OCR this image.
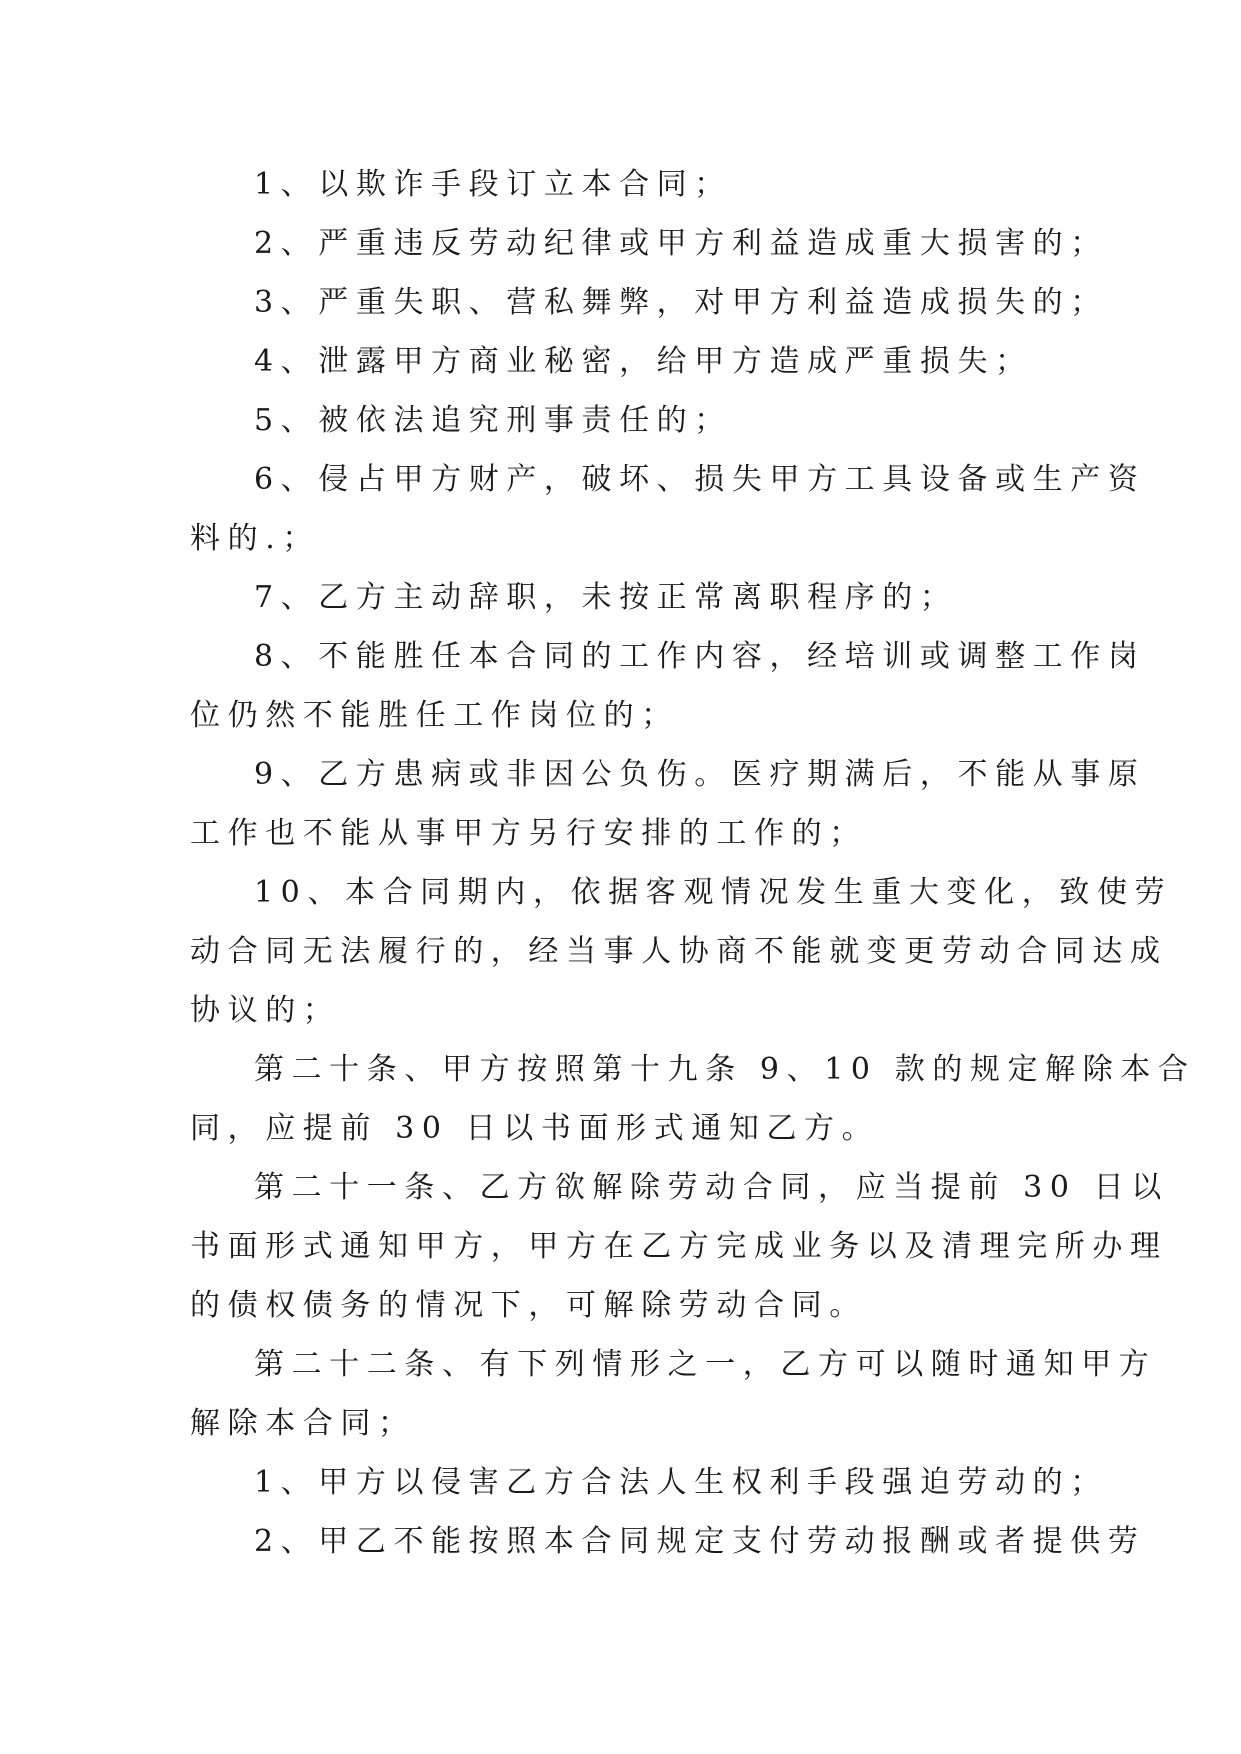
1、以欺诈手段订立本合同；
2、严重违反劳动纪律或甲方利益造成重大损害的；
3、严重失职、营私舞弊，对甲方利益造成损失的；
4、泄露甲方商业秘密，给甲方造成严重损失；
5、被依法追究刑事责任的；
6、侵占甲方财产，破坏、损失甲方工具设备或生产资
料的.；
7、乙方主动辞职，未按正常离职程序的；
8、不能胜任本合同的工作内容，经培训或调整工作岗
位仍然不能胜任工作岗位的；
9、乙方患病或非因公负伤。医疗期满后，不能从事原
工作也不能从事甲方另行安排的工作的；
10、本合同期内，依据客观情况发生重大变化，致使劳
动合同无法履行的，经当事人协商不能就变更劳动合同达成
协议的；
第二十条、甲方按照第十九条 9、10 款的规定解除本合
同，应提前 30 日以书面形式通知乙方。
第二十一条、乙方欲解除劳动合同，应当提前 30 日以
书面形式通知甲方，甲方在乙方完成业务以及清理完所办理
的债权债务的情况下，可解除劳动合同。
第二十二条、有下列情形之一，乙方可以随时通知甲方
解除本合同；
1、甲方以侵害乙方合法人生权利手段强迫劳动的；
2、甲乙不能按照本合同规定支付劳动报酬或者提供劳
